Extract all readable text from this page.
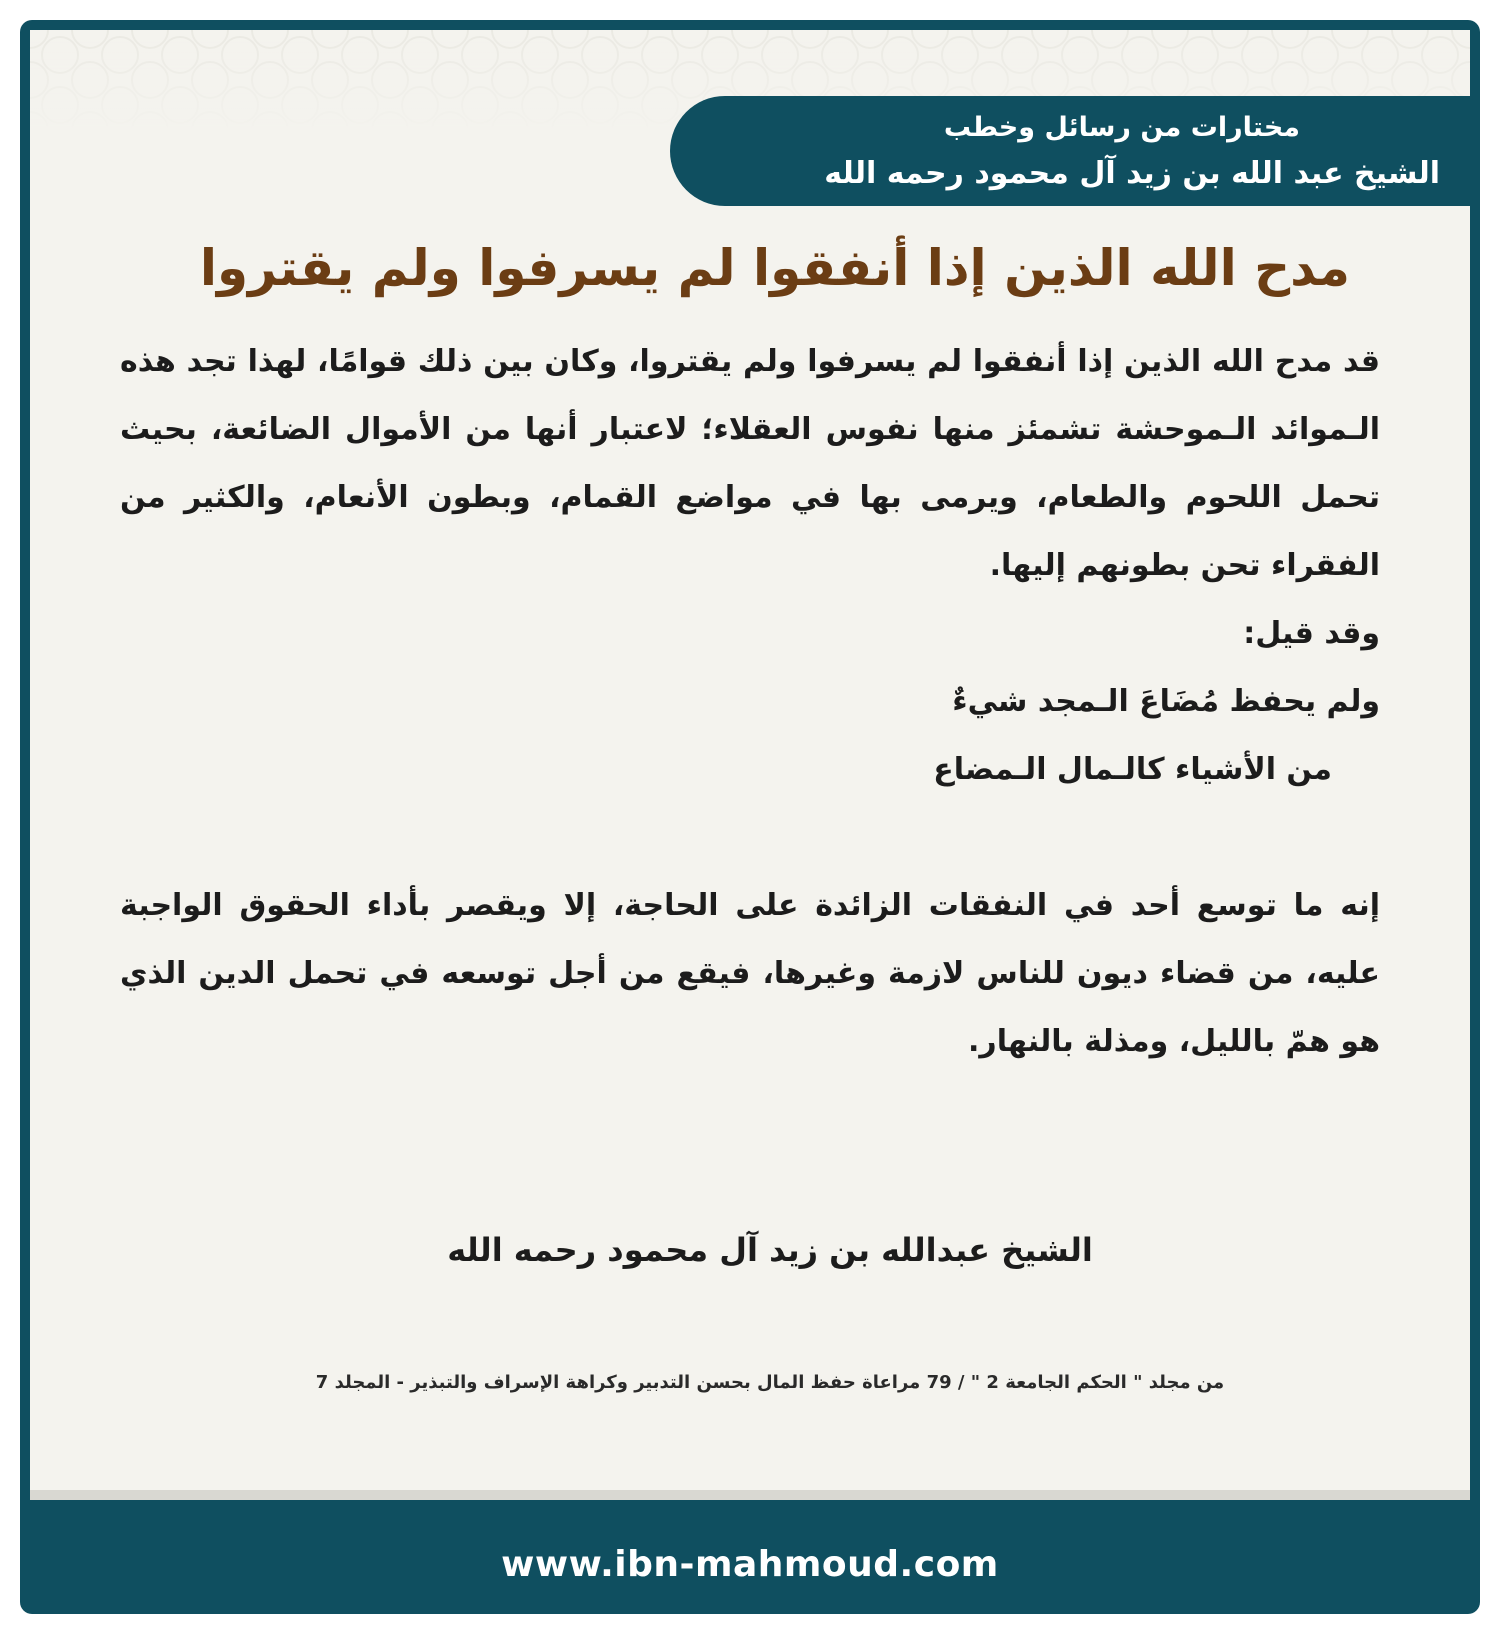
مختارات من رسائل وخطب
الشيخ عبد الله بن زيد آل محمود رحمه الله
مدح الله الذين إذا أنفقوا لم يسرفوا ولم يقتروا

قد مدح الله الذين إذا أنفقوا لم يسرفوا ولم يقتروا، وكان بين ذلك قوامًا، لهذا تجد هذه الـموائد الـموحشة تشمئز منها نفوس العقلاء؛ لاعتبار أنها من الأموال الضائعة، بحيث تحمل اللحوم والطعام، ويرمى بها في مواضع القمام، وبطون الأنعام، والكثير من الفقراء تحن بطونهم إليها.

وقد قيل:

ولم يحفظ مُضَاعَ الـمجد شيءٌ

من الأشياء كالـمال الـمضاع

إنه ما توسع أحد في النفقات الزائدة على الحاجة، إلا ويقصر بأداء الحقوق الواجبة عليه، من قضاء ديون للناس لازمة وغيرها، فيقع من أجل توسعه في تحمل الدين الذي هو همّ بالليل، ومذلة بالنهار.

الشيخ عبدالله بن زيد آل محمود رحمه الله
من مجلد " الحكم الجامعة 2 " / 79 مراعاة حفظ المال بحسن التدبير وكراهة الإسراف والتبذير - المجلد 7
www.ibn-mahmoud.com
